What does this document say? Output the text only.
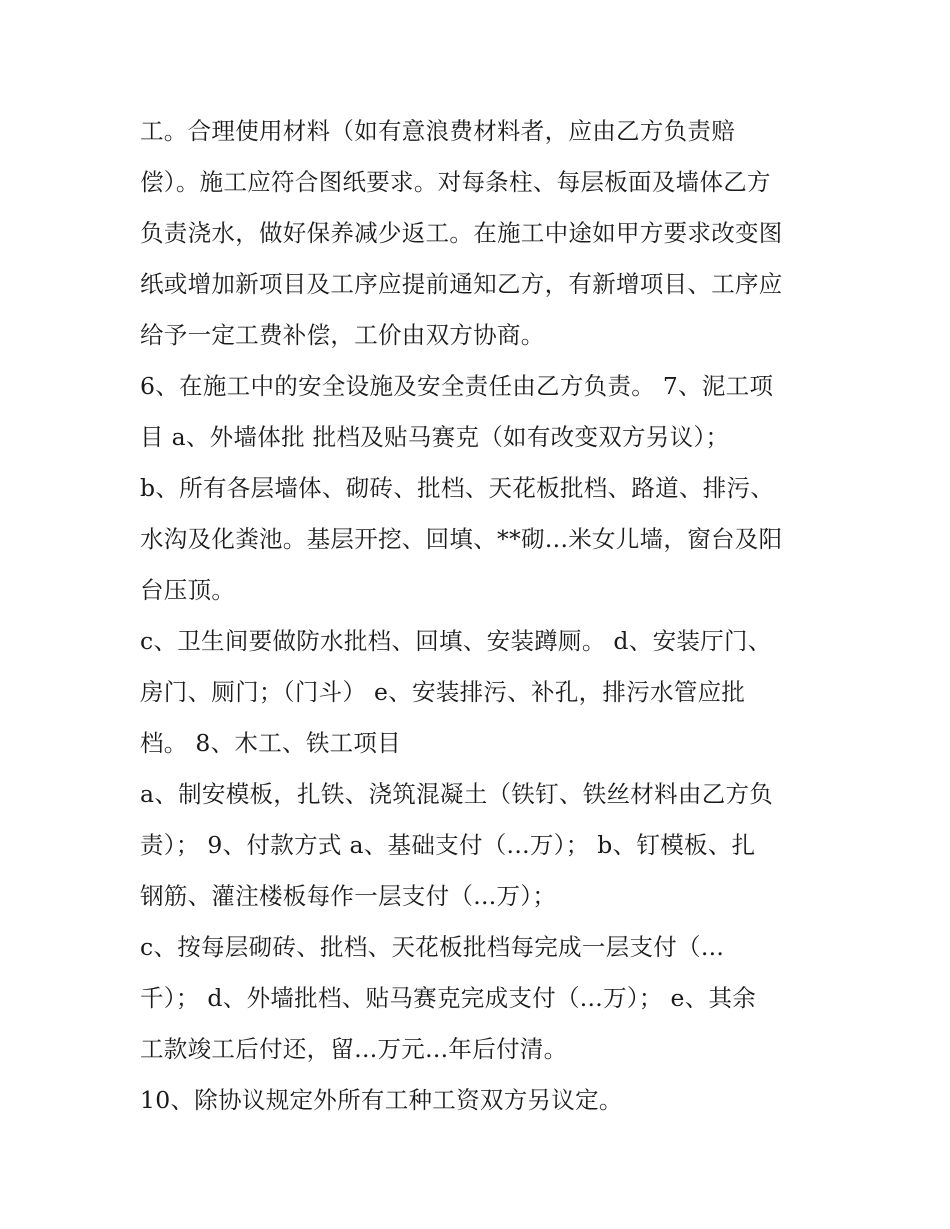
工。合理使用材料（如有意浪费材料者，应由乙方负责赔
偿）。施工应符合图纸要求。对每条柱、每层板面及墙体乙方
负责浇水，做好保养减少返工。在施工中途如甲方要求改变图
纸或增加新项目及工序应提前通知乙方，有新增项目、工序应
给予一定工费补偿，工价由双方协商。
6、在施工中的安全设施及安全责任由乙方负责。 7、泥工项
目 a、外墙体批 批档及贴马赛克（如有改变双方另议）；
b、所有各层墙体、砌砖、批档、天花板批档、路道、排污、
水沟及化粪池。基层开挖、回填、**砌...米女儿墙，窗台及阳
台压顶。
c、卫生间要做防水批档、回填、安装蹲厕。 d、安装厅门、
房门、厕门；（门斗） e、安装排污、补孔，排污水管应批
档。 8、木工、铁工项目
a、制安模板，扎铁、浇筑混凝土（铁钉、铁丝材料由乙方负
责）； 9、付款方式 a、基础支付（...万）； b、钉模板、扎
钢筋、灌注楼板每作一层支付（...万）；
c、按每层砌砖、批档、天花板批档每完成一层支付（...
千）； d、外墙批档、贴马赛克完成支付（...万）； e、其余
工款竣工后付还，留...万元...年后付清。
10、除协议规定外所有工种工资双方另议定。
